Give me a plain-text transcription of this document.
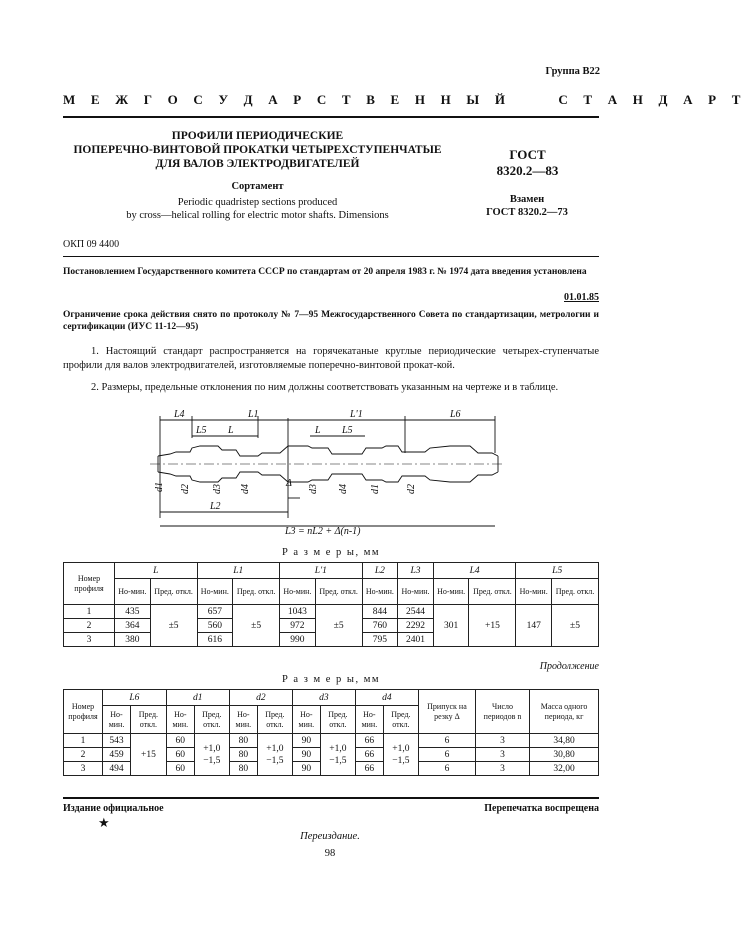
Группа В22
М Е Ж Г О С У Д А Р С Т В Е Н Н Ы Й     С Т А Н Д А Р Т
ПРОФИЛИ ПЕРИОДИЧЕСКИЕ
ПОПЕРЕЧНО-ВИНТОВОЙ ПРОКАТКИ ЧЕТЫРЕХСТУПЕНЧАТЫЕ
ДЛЯ ВАЛОВ ЭЛЕКТРОДВИГАТЕЛЕЙ
Сортамент
Periodic quadristep sections produced
by cross—helical rolling for electric motor shafts. Dimensions
ГОСТ
8320.2—83
Взамен
ГОСТ 8320.2—73
ОКП 09 4400
Постановлением Государственного комитета СССР по стандартам от 20 апреля 1983 г. № 1974 дата введения установлена
01.01.85
Ограничение срока действия снято по протоколу № 7—95 Межгосударственного Совета по стандартизации, метрологии и сертификации (ИУС 11-12—95)
1. Настоящий стандарт распространяется на горячекатаные круглые периодические четырех-ступенчатые профили для валов электродвигателей, изготовляемые поперечно-винтовой прокат-кой.
2. Размеры, предельные отклонения по ним должны соответствовать указанным на чертеже и в таблице.
L4	L1	L'1	L6
L5 L	L L5
Δ
L2
L3 = nL2 + Δ(n-1)
d1 d2 d3 d4	d3 d4 d1	d2
Р а з м е р ы, мм
Номер профиля	L		L1		L'1		L2	L3	L4		L5	
	Но-мин.	Пред. откл.	Но-мин.	Пред. откл.	Но-мин.	Пред. откл.	Но-мин.	Но-мин.	Но-мин.	Пред. откл.	Но-мин.	Пред. откл.
1	435	±5	657	±5	1043	±5	844	2544	301	+15	147	±5
2	364		560		972		760	2292				
3	380		616		990		795	2401				
Продолжение
Р а з м е р ы, мм
Номер профиля	L6		d1		d2		d3		d4		Припуск на резку Δ	Число периодов n	Масса одного периода, кг
	Но-мин.	Пред. откл.	Но-мин.	Пред. откл.	Но-мин.	Пред. откл.	Но-мин.	Пред. откл.	Но-мин.	Пред. откл.			
1	543	+15	60	+1,0 −1,5	80	+1,0 −1,5	90	+1,0 −1,5	66	+1,0 −1,5	6	3	34,80
2	459		60		80		90		66		6	3	30,80
3	494		60		80		90		66		6	3	32,00
Издание официальное	Перепечатка воспрещена
★
Переиздание.
98
